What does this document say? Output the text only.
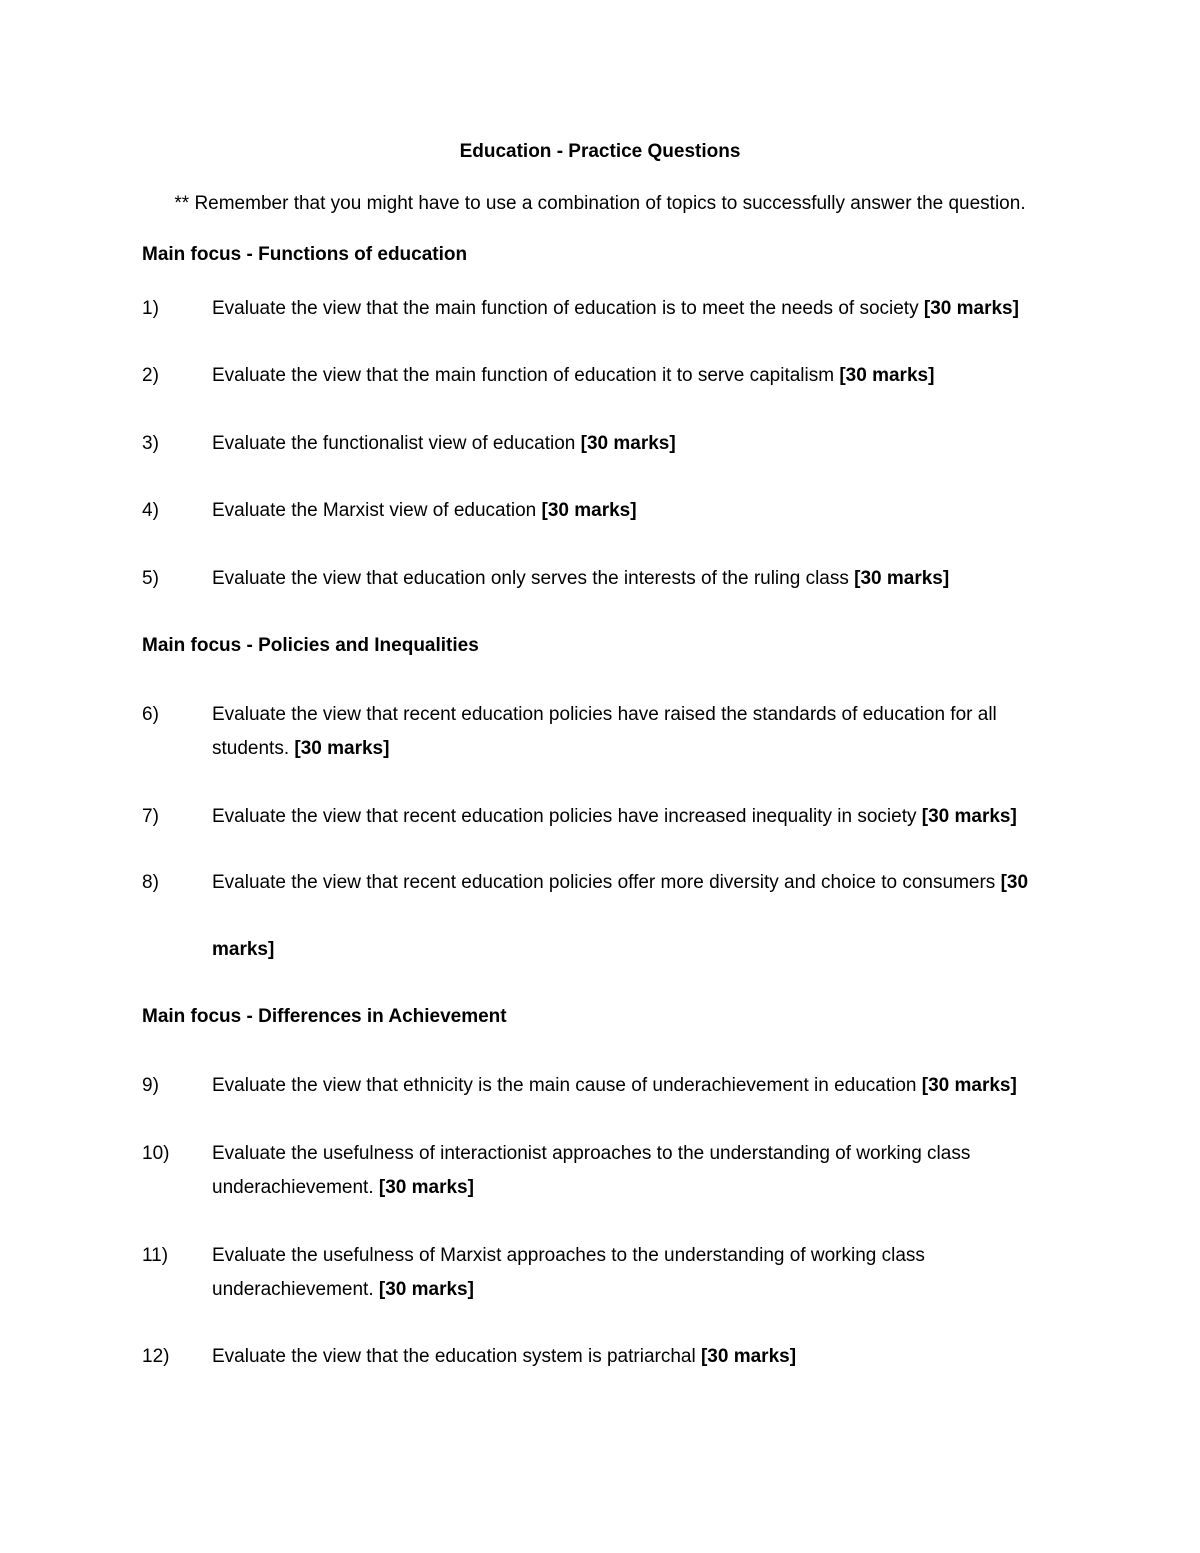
Education - Practice Questions
** Remember that you might have to use a combination of topics to successfully answer the question.
Main focus - Functions of education
1)	Evaluate the view that the main function of education is to meet the needs of society [30 marks]
2)	Evaluate the view that the main function of education it to serve capitalism [30 marks]
3)	Evaluate the functionalist view of education [30 marks]
4)	Evaluate the Marxist view of education [30 marks]
5)	Evaluate the view that education only serves the interests of the ruling class [30 marks]
Main focus - Policies and Inequalities
6)	Evaluate the view that recent education policies have raised the standards of education for all students. [30 marks]
7)	Evaluate the view that recent education policies have increased inequality in society [30 marks]
8)	Evaluate the view that recent education policies offer more diversity and choice to consumers [30
marks]
Main focus - Differences in Achievement
9)	Evaluate the view that ethnicity is the main cause of underachievement in education [30 marks]
10) Evaluate the usefulness of interactionist approaches to the understanding of working class underachievement. [30 marks]
11) Evaluate the usefulness of Marxist approaches to the understanding of working class underachievement. [30 marks]
12) Evaluate the view that the education system is patriarchal [30 marks]
